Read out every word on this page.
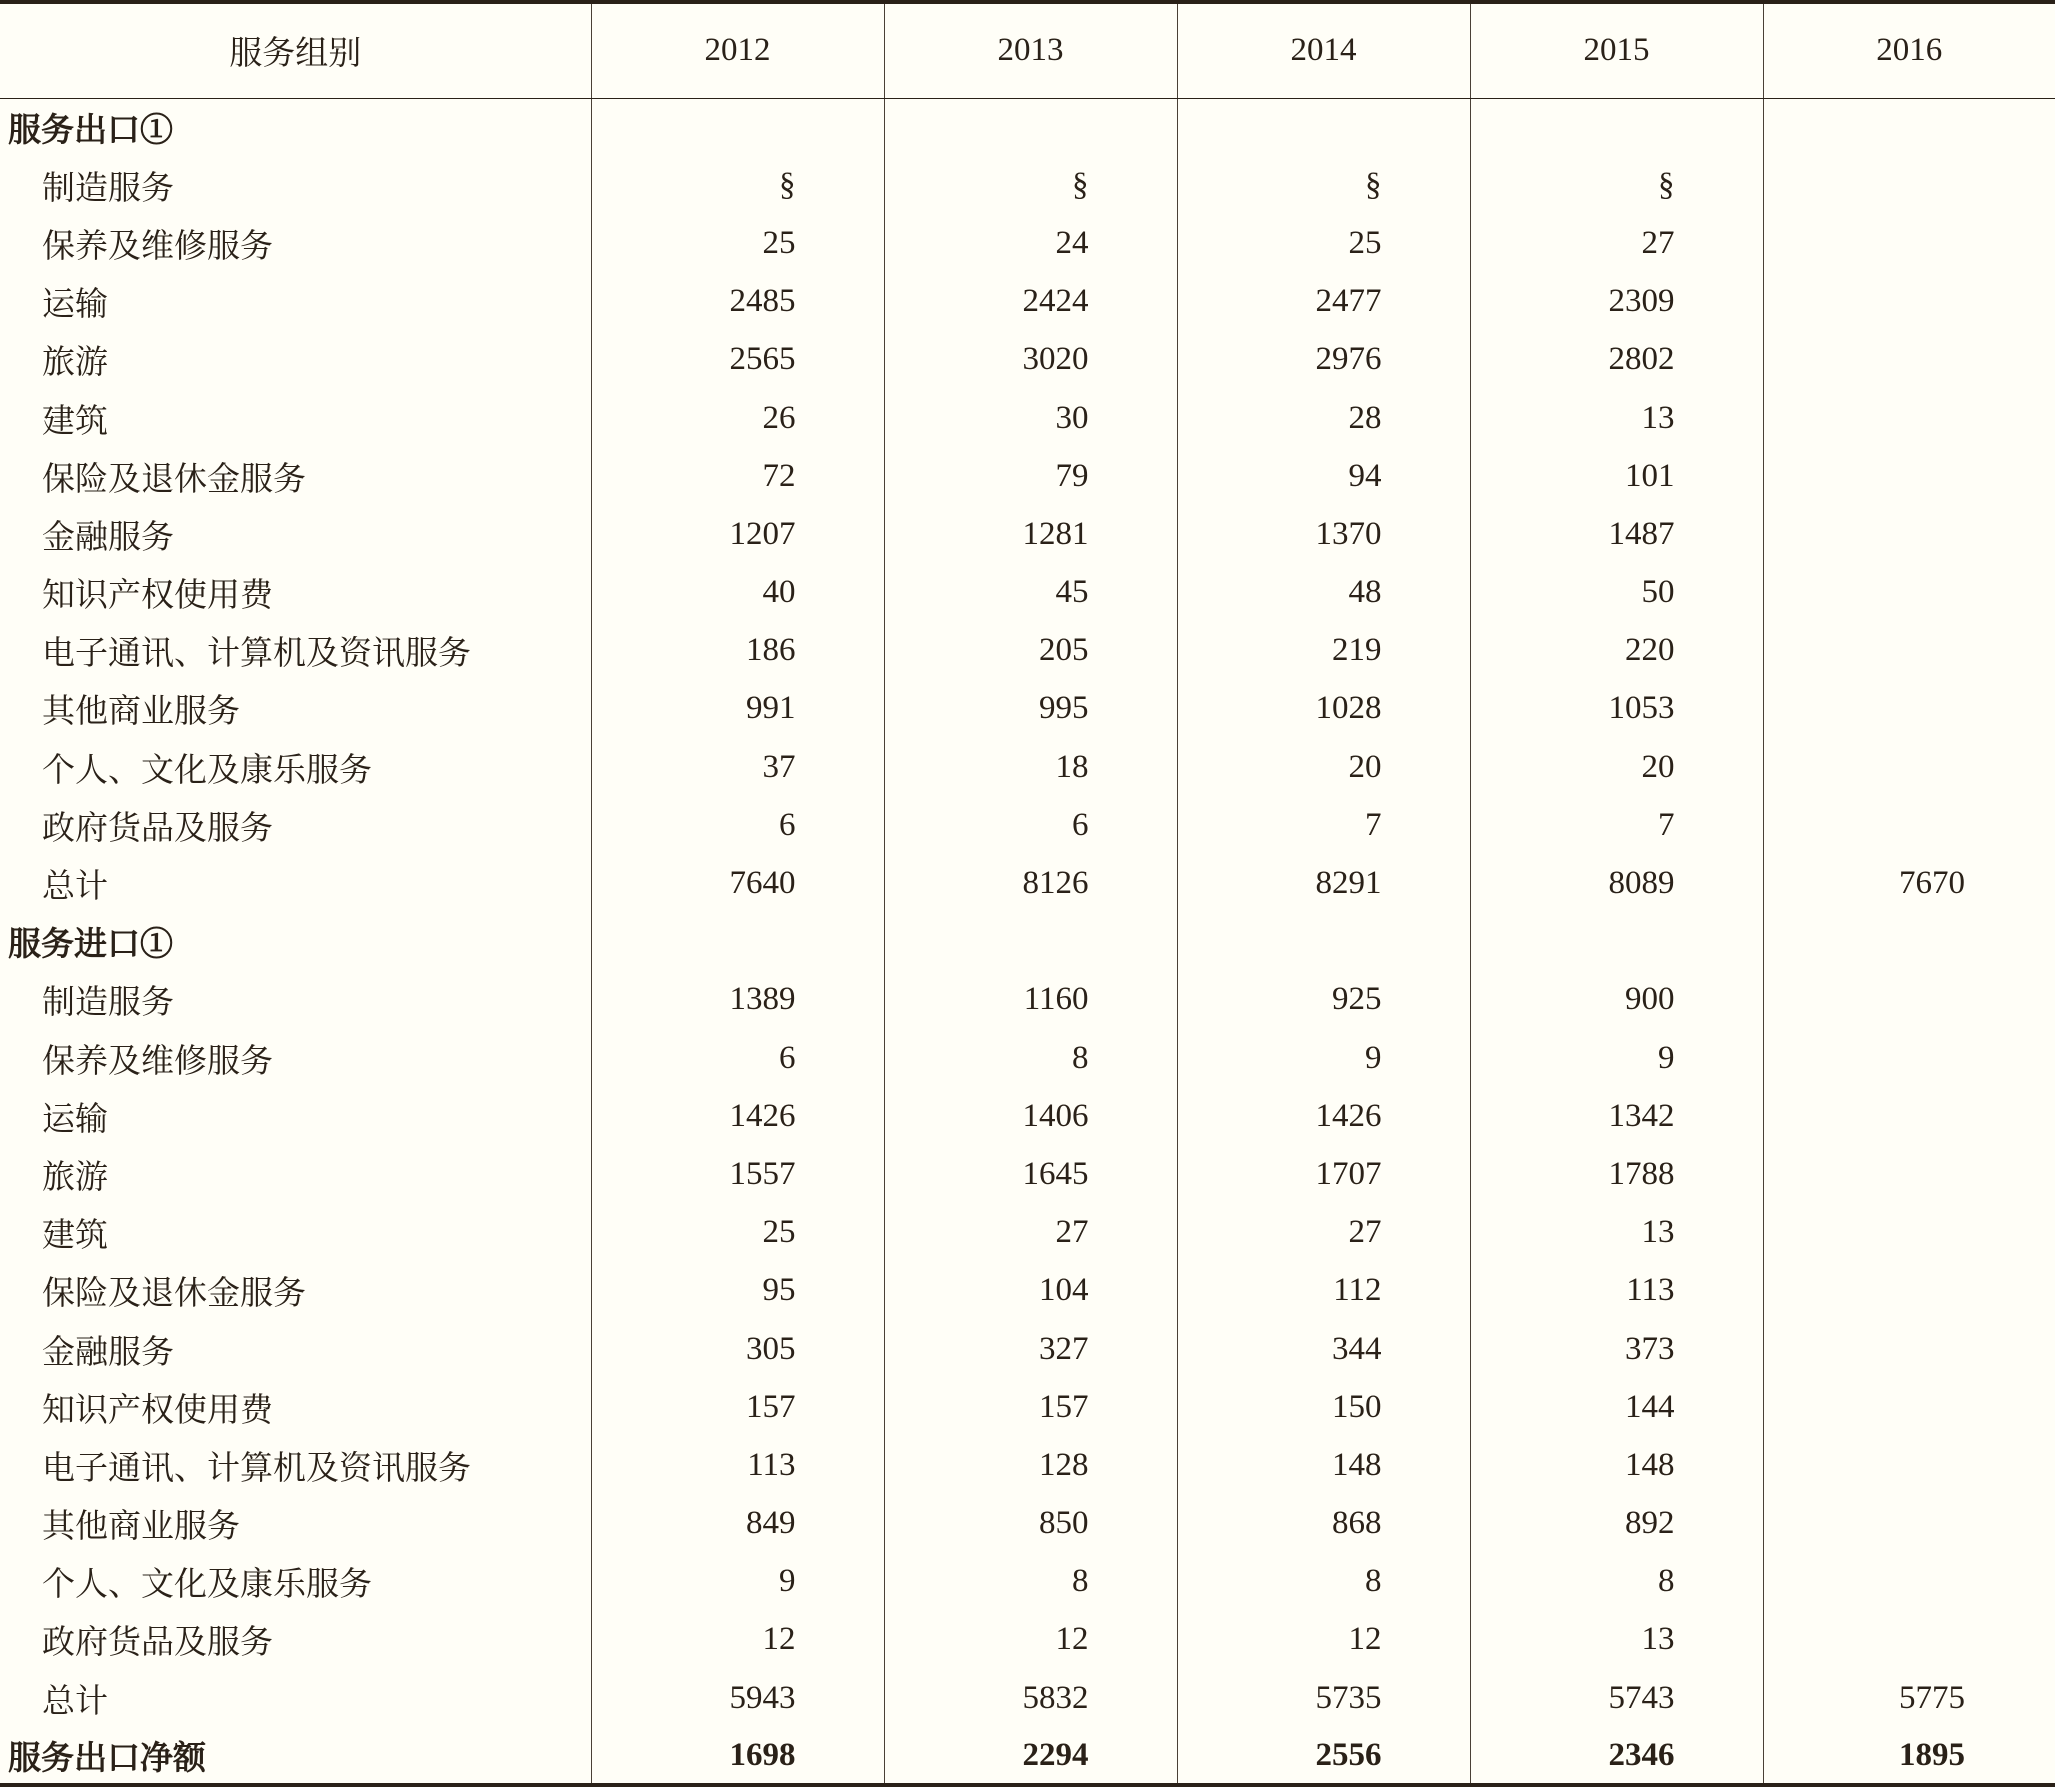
服务组别	2012	2013	2014	2015	2016
服务出口①					
制造服务	§	§	§	§	
保养及维修服务	25	24	25	27	
运输	2485	2424	2477	2309	
旅游	2565	3020	2976	2802	
建筑	26	30	28	13	
保险及退休金服务	72	79	94	101	
金融服务	1207	1281	1370	1487	
知识产权使用费	40	45	48	50	
电子通讯、计算机及资讯服务	186	205	219	220	
其他商业服务	991	995	1028	1053	
个人、文化及康乐服务	37	18	20	20	
政府货品及服务	6	6	7	7	
总计	7640	8126	8291	8089	7670
服务进口①					
制造服务	1389	1160	925	900	
保养及维修服务	6	8	9	9	
运输	1426	1406	1426	1342	
旅游	1557	1645	1707	1788	
建筑	25	27	27	13	
保险及退休金服务	95	104	112	113	
金融服务	305	327	344	373	
知识产权使用费	157	157	150	144	
电子通讯、计算机及资讯服务	113	128	148	148	
其他商业服务	849	850	868	892	
个人、文化及康乐服务	9	8	8	8	
政府货品及服务	12	12	12	13	
总计	5943	5832	5735	5743	5775
服务出口净额	1698	2294	2556	2346	1895
